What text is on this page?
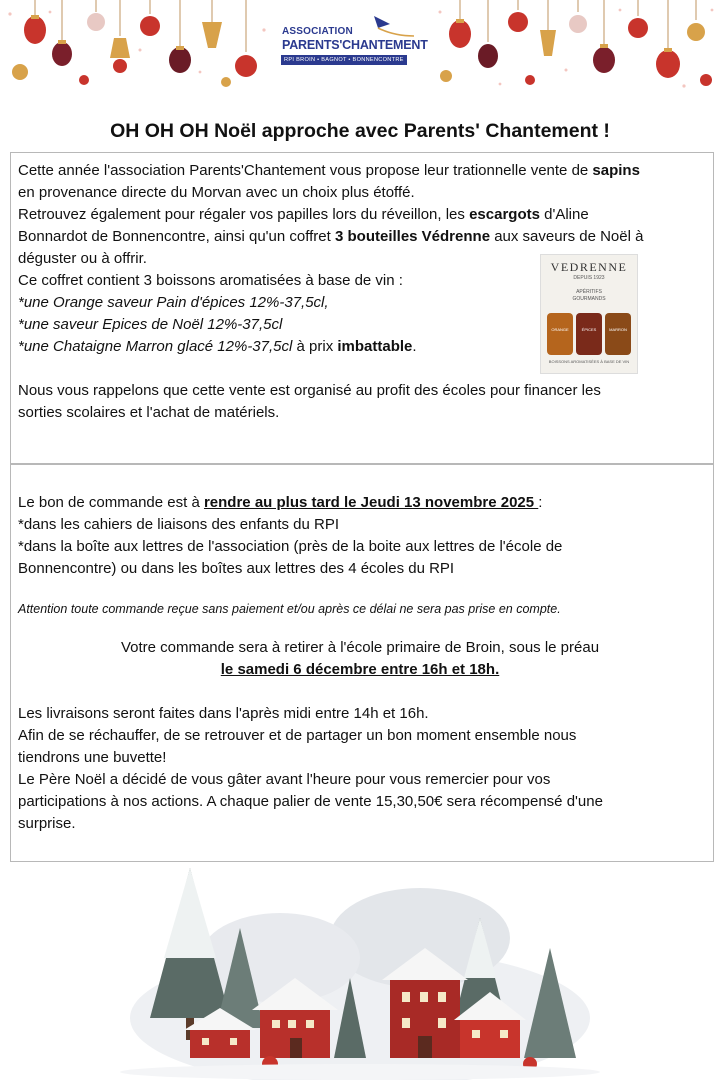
ASSOCIATION
PARENTS'CHANTEMENT
RPI BROIN • BAGNOT • BONNENCONTRE
OH OH OH Noël approche avec Parents' Chantement !
Cette année l'association Parents'Chantement vous propose leur trationnelle vente de sapins
en provenance directe du Morvan avec un choix plus étoffé.
Retrouvez également pour régaler vos papilles lors du réveillon, les escargots d'Aline
Bonnardot de Bonnencontre, ainsi qu'un coffret 3 bouteilles Védrenne aux saveurs de Noël à
déguster ou à offrir.
Ce coffret contient 3 boissons aromatisées à base de vin :
*une Orange saveur Pain d'épices 12%-37,5cl,
*une saveur Epices de Noël 12%-37,5cl
*une Chataigne Marron glacé 12%-37,5cl à prix imbattable.
Nous vous rappelons que cette vente est organisé au profit des écoles pour financer les
sorties scolaires et l'achat de matériels.
VEDRENNE
DEPUIS 1923
APÉRITIFS
GOURMANDS
ORANGE	ÉPICES	MARRON
BOISSONS AROMATISÉES À BASE DE VIN
Le bon de commande est à rendre au plus tard le Jeudi 13 novembre 2025 :
*dans les cahiers de liaisons des enfants du RPI
*dans la boîte aux lettres de l'association (près de la boite aux lettres de l'école de
Bonnencontre) ou dans les boîtes aux lettres des 4 écoles du RPI
Attention toute commande reçue sans paiement et/ou après ce délai ne sera pas prise en compte.
Votre commande sera à retirer à l'école primaire de Broin, sous le préau
le samedi 6 décembre entre 16h et 18h.
Les livraisons seront faites dans l'après midi entre 14h et 16h.
Afin de se réchauffer, de se retrouver et de partager un bon moment ensemble nous
tiendrons une buvette!
Le Père Noël a décidé de vous gâter avant l'heure pour vous remercier pour vos
participations à nos actions. A chaque palier de vente 15,30,50€ sera récompensé d'une
surprise.
